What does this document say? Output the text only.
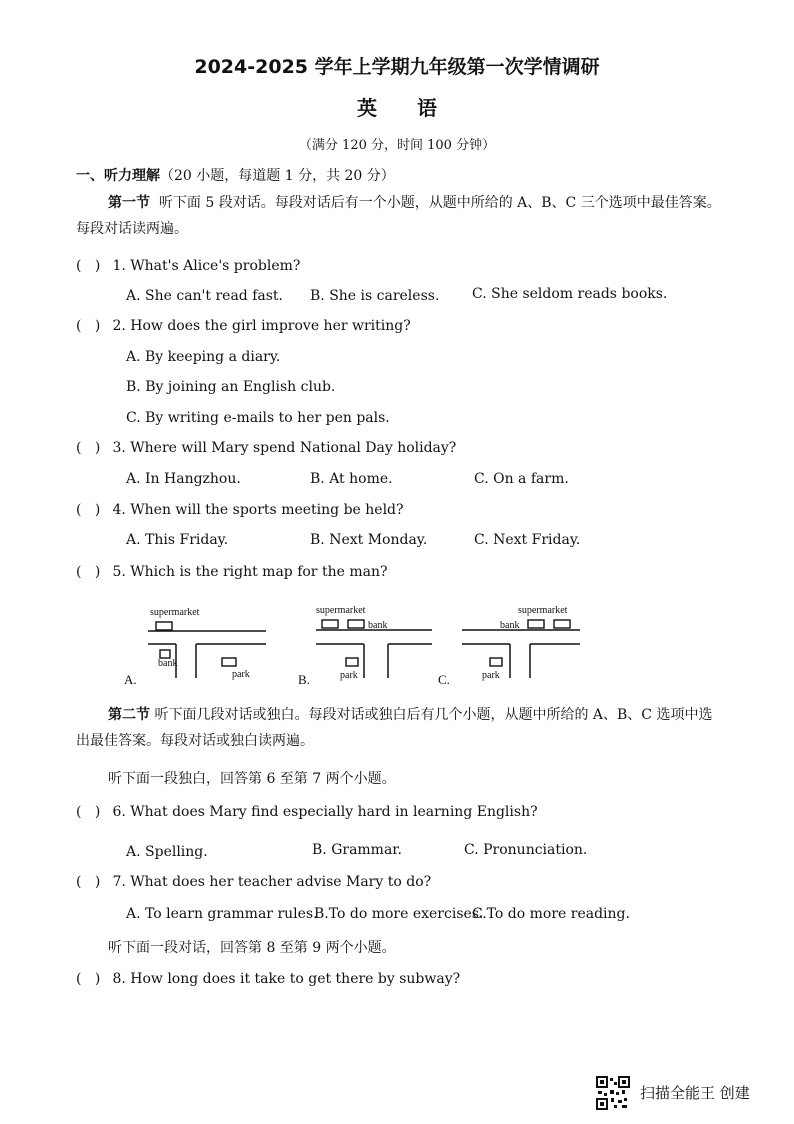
2024-2025 学年上学期九年级第一次学情调研
英语
（满分 120 分，时间 100 分钟）
一、听力理解（20 小题，每道题 1 分，共 20 分）
第一节 听下面 5 段对话。每段对话后有一个小题，从题中所给的 A、B、C 三个选项中最佳答案。每段对话读两遍。
( ) 1. What's Alice's problem?
A. She can't read fast. B. She is careless. C. She seldom reads books.
( ) 2. How does the girl improve her writing?
A. By keeping a diary.
B. By joining an English club.
C. By writing e-mails to her pen pals.
( ) 3. Where will Mary spend National Day holiday?
A. In Hangzhou.	B. At home.	C. On a farm.
( ) 4. When will the sports meeting be held?
A. This Friday.	B. Next Monday.	C. Next Friday.
( ) 5. Which is the right map for the man?
supermarket
bank
park
A.
supermarket
bank
park
B.
supermarket
bank
park
C.
第二节 听下面几段对话或独白。每段对话或独白后有几个小题，从题中所给的 A、B、C 选项中选出最佳答案。每段对话或独白读两遍。
听下面一段独白，回答第 6 至第 7 两个小题。
( ) 6. What does Mary find especially hard in learning English?
A. Spelling.	B. Grammar.	C. Pronunciation.
( ) 7. What does her teacher advise Mary to do?
A. To learn grammar rules.
B.To do more exercises.
C.To do more reading.
听下面一段对话，回答第 8 至第 9 两个小题。
( ) 8. How long does it take to get there by subway?
扫描全能王 创建
